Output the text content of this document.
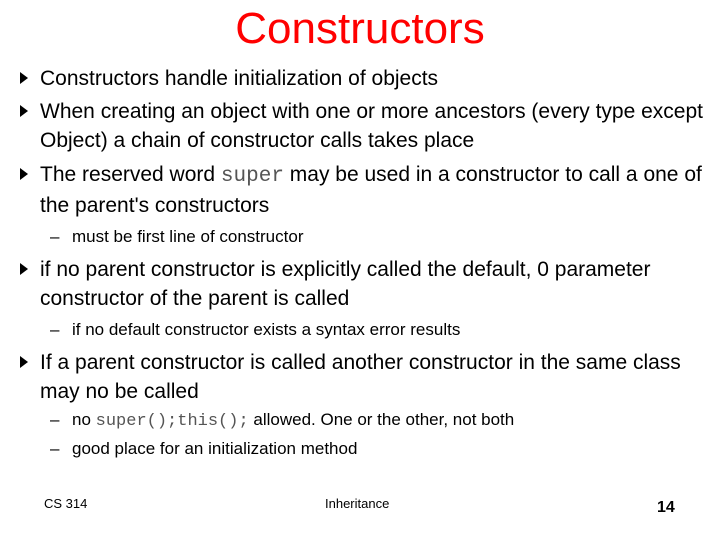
Constructors
Constructors handle initialization of objects
When creating an object with one or more ancestors (every type except Object) a chain of constructor calls takes place
The reserved word super may be used in a constructor to call a one of the parent's constructors
– must be first line of constructor
if no parent constructor is explicitly called the default, 0 parameter constructor of the parent is called
– if no default constructor exists a syntax error results
If a parent constructor is called another constructor in the same class may no be called
– no super();this(); allowed. One or the other, not both
– good place for an initialization method
CS 314	Inheritance	14
